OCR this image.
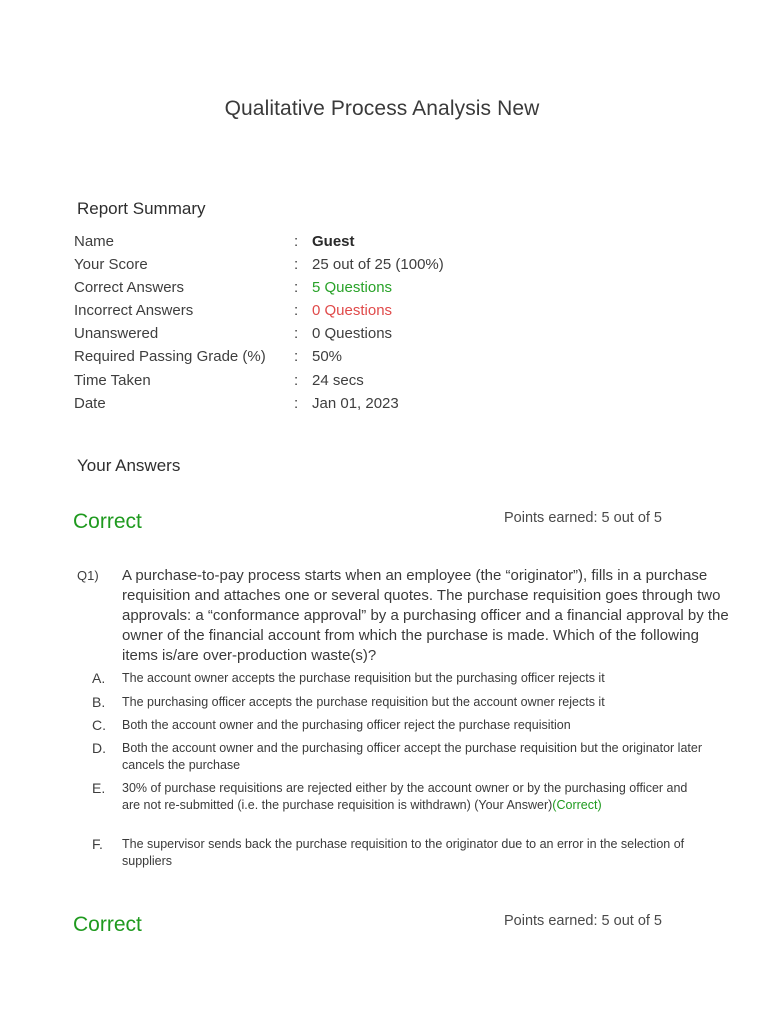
Qualitative Process Analysis New
Report Summary
Name	: Guest
Your Score	: 25 out of 25 (100%)
Correct Answers	: 5 Questions
Incorrect Answers	: 0 Questions
Unanswered	: 0 Questions
Required Passing Grade (%) : 50%
Time Taken	: 24 secs
Date	: Jan 01, 2023
Your Answers
Correct	Points earned: 5 out of 5
Q1) A purchase-to-pay process starts when an employee (the “originator”), fills in a purchase requisition and attaches one or several quotes. The purchase requisition goes through two approvals: a “conformance approval” by a purchasing officer and a financial approval by the owner of the financial account from which the purchase is made. Which of the following items is/are over-production waste(s)?
A. The account owner accepts the purchase requisition but the purchasing officer rejects it
B. The purchasing officer accepts the purchase requisition but the account owner rejects it
C. Both the account owner and the purchasing officer reject the purchase requisition
D. Both the account owner and the purchasing officer accept the purchase requisition but the originator later cancels the purchase
E. 30% of purchase requisitions are rejected either by the account owner or by the purchasing officer and are not re-submitted (i.e. the purchase requisition is withdrawn) (Your Answer)(Correct)
F. The supervisor sends back the purchase requisition to the originator due to an error in the selection of suppliers
Correct	Points earned: 5 out of 5
